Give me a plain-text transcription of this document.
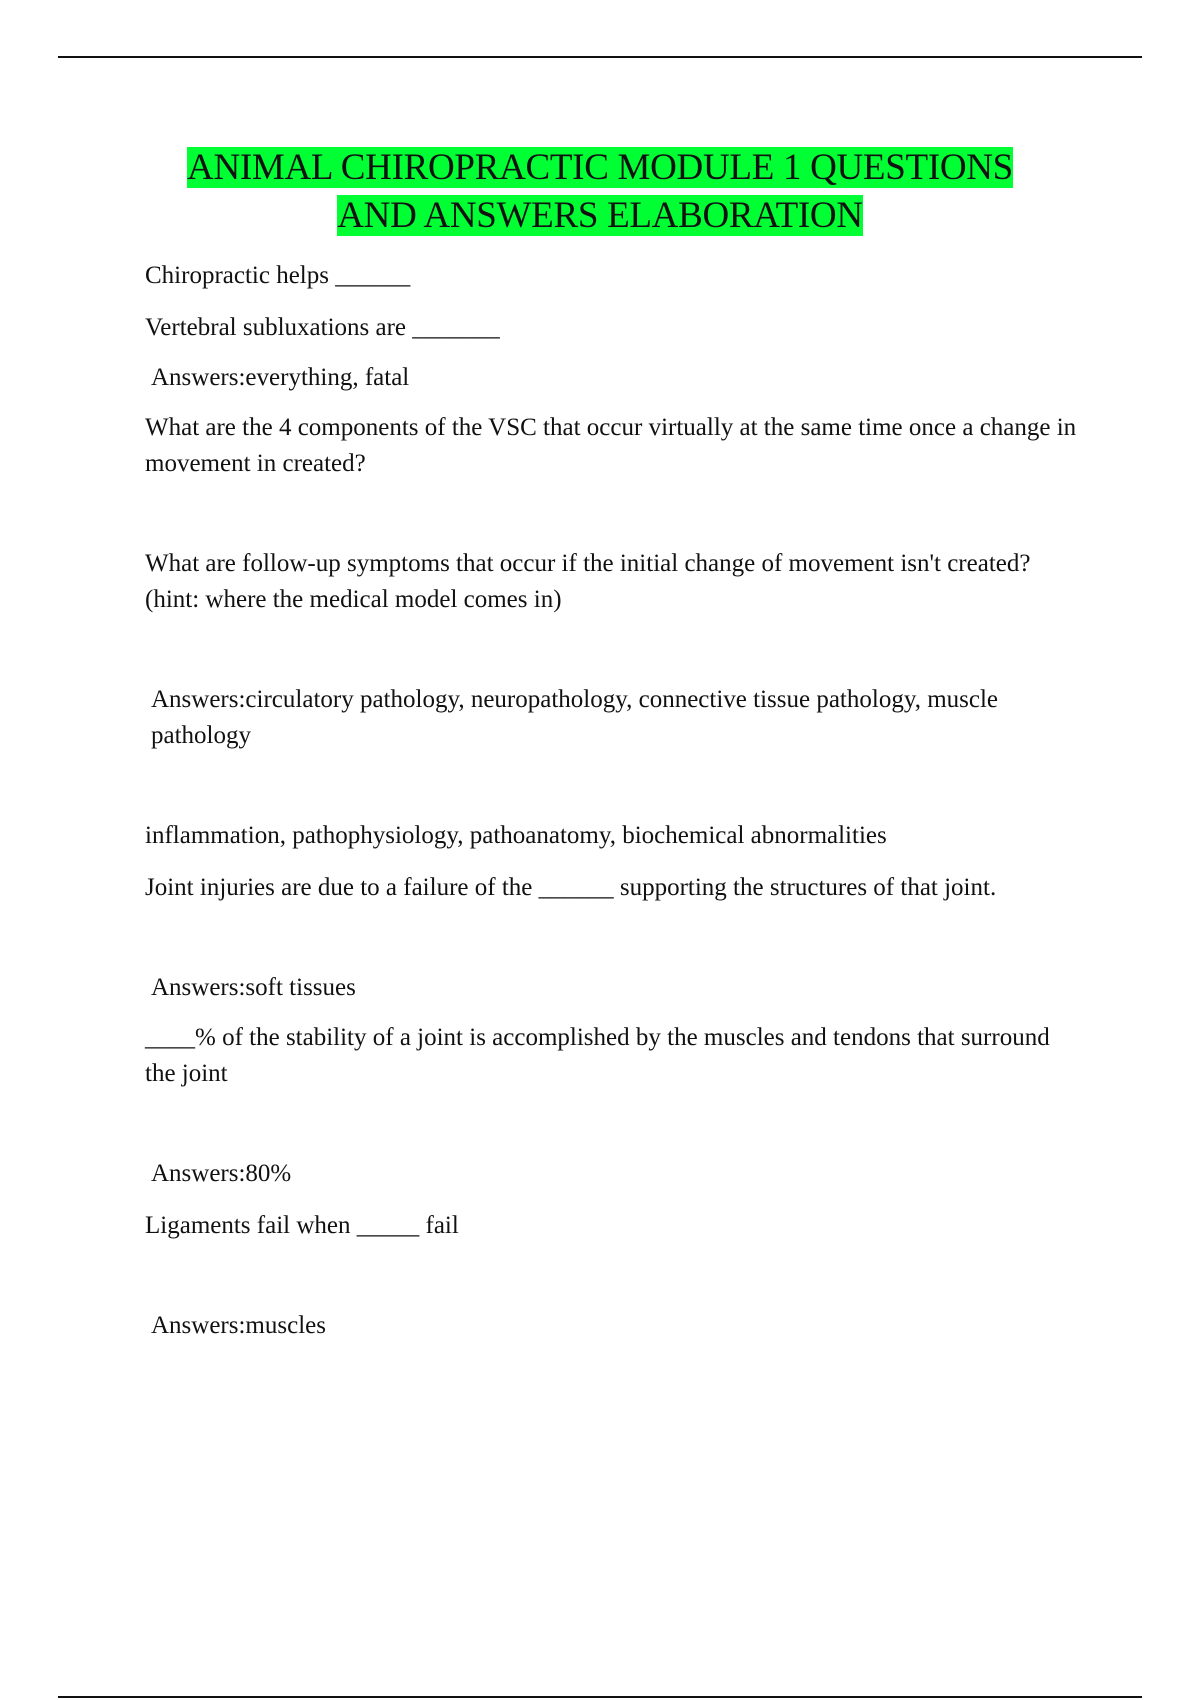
ANIMAL CHIROPRACTIC MODULE 1 QUESTIONS
AND ANSWERS ELABORATION

Chiropractic helps ______

Vertebral subluxations are _______

Answers:everything, fatal

What are the 4 components of the VSC that occur virtually at the same time once a change in movement in created?

What are follow-up symptoms that occur if the initial change of movement isn't created? (hint: where the medical model comes in)

Answers:circulatory pathology, neuropathology, connective tissue pathology, muscle pathology

inflammation, pathophysiology, pathoanatomy, biochemical abnormalities

Joint injuries are due to a failure of the ______ supporting the structures of that joint.

Answers:soft tissues

____% of the stability of a joint is accomplished by the muscles and tendons that surround the joint

Answers:80%

Ligaments fail when _____ fail

Answers:muscles
